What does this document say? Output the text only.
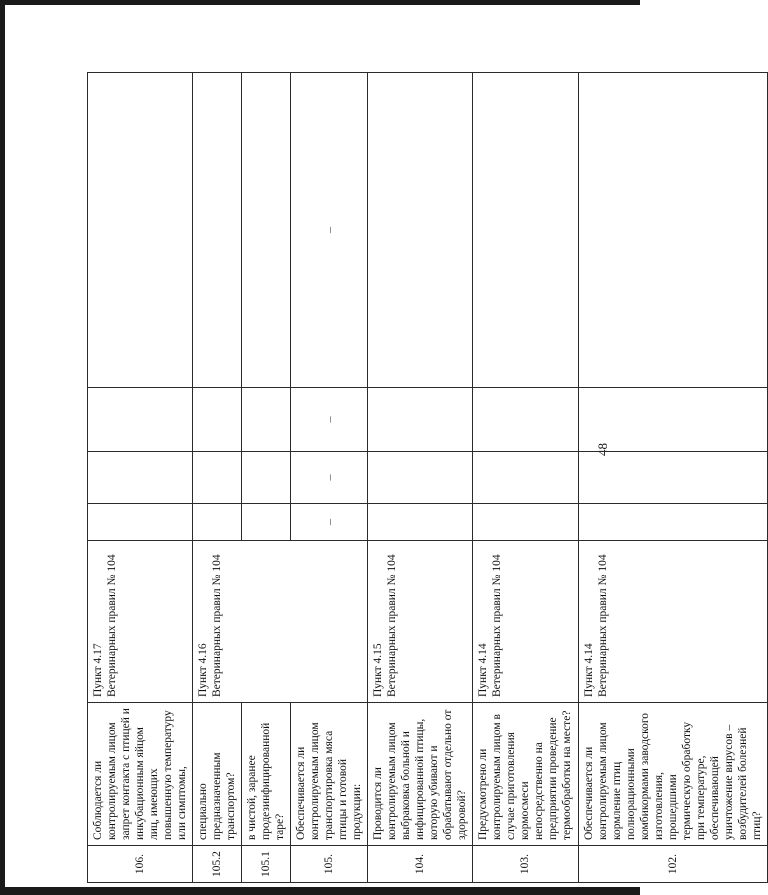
48
106.	Соблюдается ли контролируемым лицом запрет контакта с птицей и инкубационным яйцом лиц, имеющих повышенную температуру или симптомы,	Пункт 4.17 Ветеринарных правил № 104				

105.2	специально предназначенным транспортом?	Пункт 4.16 Ветеринарных правил № 104				

105.1	в чистой, заранее продезинфицированной таре?					
105.	Обеспечивается ли контролируемым лицом транспортировка мяса птицы и готовой продукции:		–	–	–	–
104.	Проводится ли контролируемым лицом выбраковка больной и инфицированной птицы, которую убивают и обрабатывают отдельно от здоровой?	Пункт 4.15 Ветеринарных правил № 104				

103.	Предусмотрено ли контролируемым лицом в случае приготовления кормосмеси непосредственно на предприятии проведение термообработки на месте?	Пункт 4.14 Ветеринарных правил № 104				

102.	Обеспечивается ли контролируемым лицом кормление птиц полнорационными комбикормами заводского изготовления, прошедшими термическую обработку при температуре, обеспечивающей уничтожение вирусов – возбудителей болезней птиц?	Пункт 4.14 Ветеринарных правил № 104				
